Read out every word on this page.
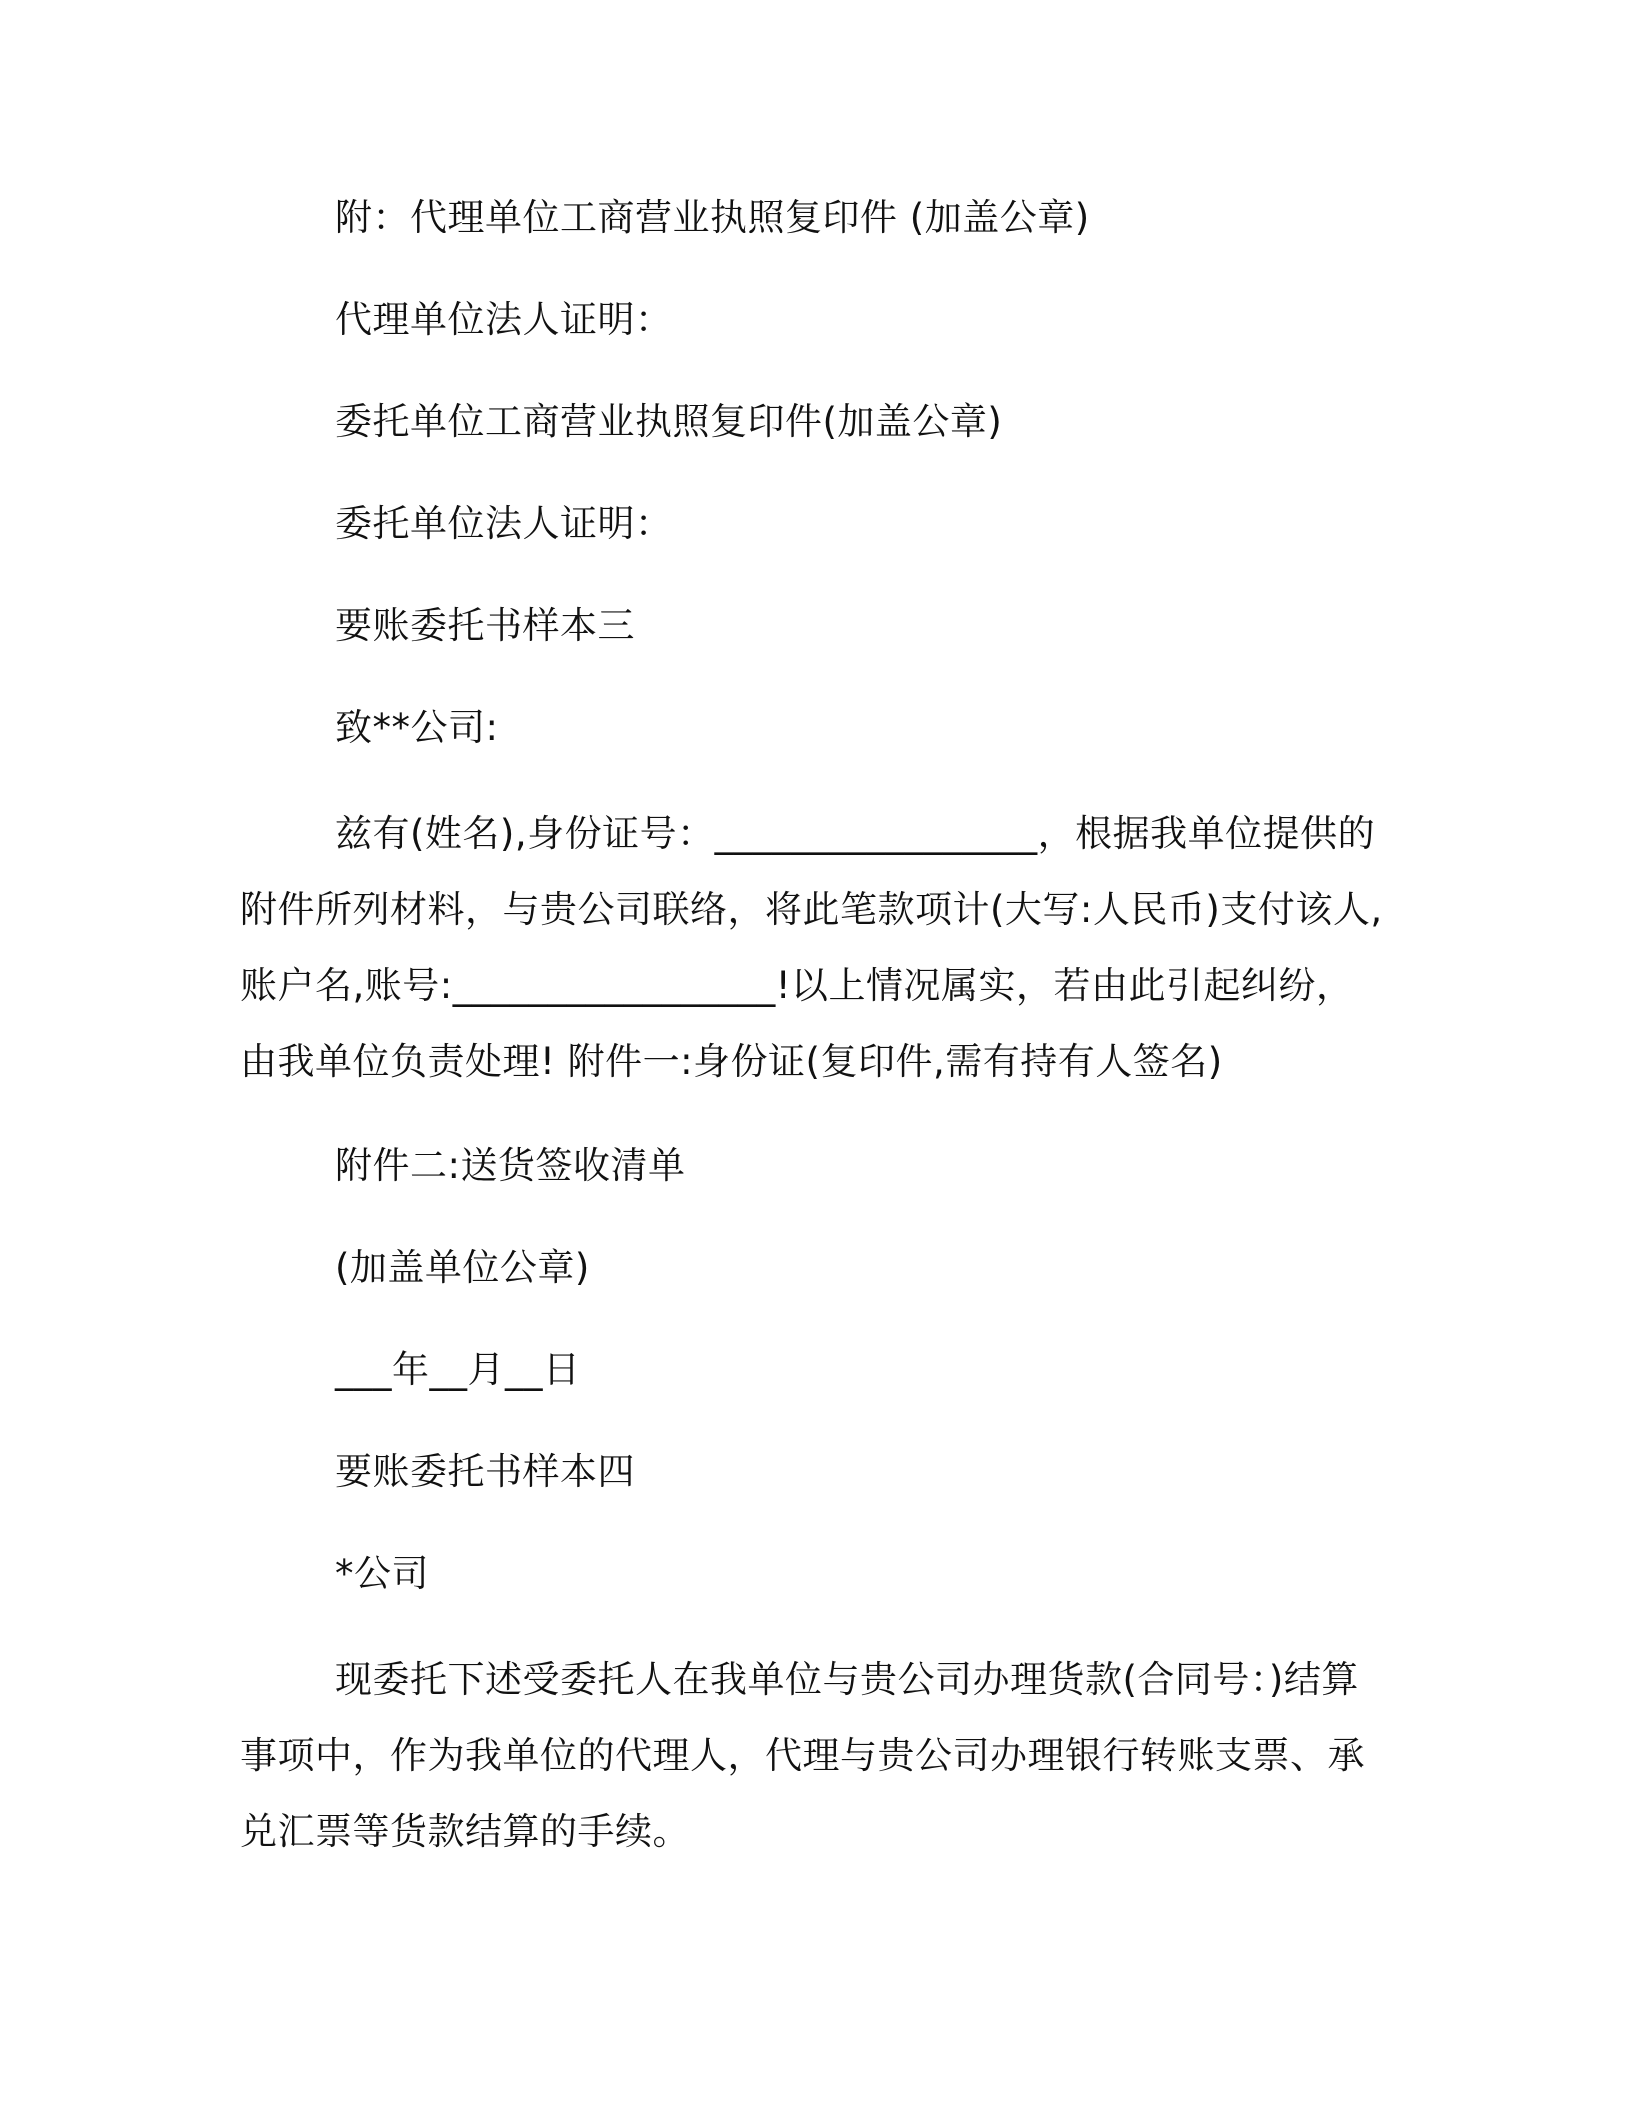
附：代理单位工商营业执照复印件 (加盖公章)
代理单位法人证明：
委托单位工商营业执照复印件(加盖公章)
委托单位法人证明：
要账委托书样本三
致**公司:
兹有(姓名),身份证号：_________________，根据我单位提供的
附件所列材料，与贵公司联络，将此笔款项计(大写:人民币)支付该人,
账户名,账号:_________________!以上情况属实，若由此引起纠纷，
由我单位负责处理! 附件一:身份证(复印件,需有持有人签名)
附件二:送货签收清单
(加盖单位公章)
___年__月__日
要账委托书样本四
*公司
现委托下述受委托人在我单位与贵公司办理货款(合同号：)结算
事项中，作为我单位的代理人，代理与贵公司办理银行转账支票、承
兑汇票等货款结算的手续。
